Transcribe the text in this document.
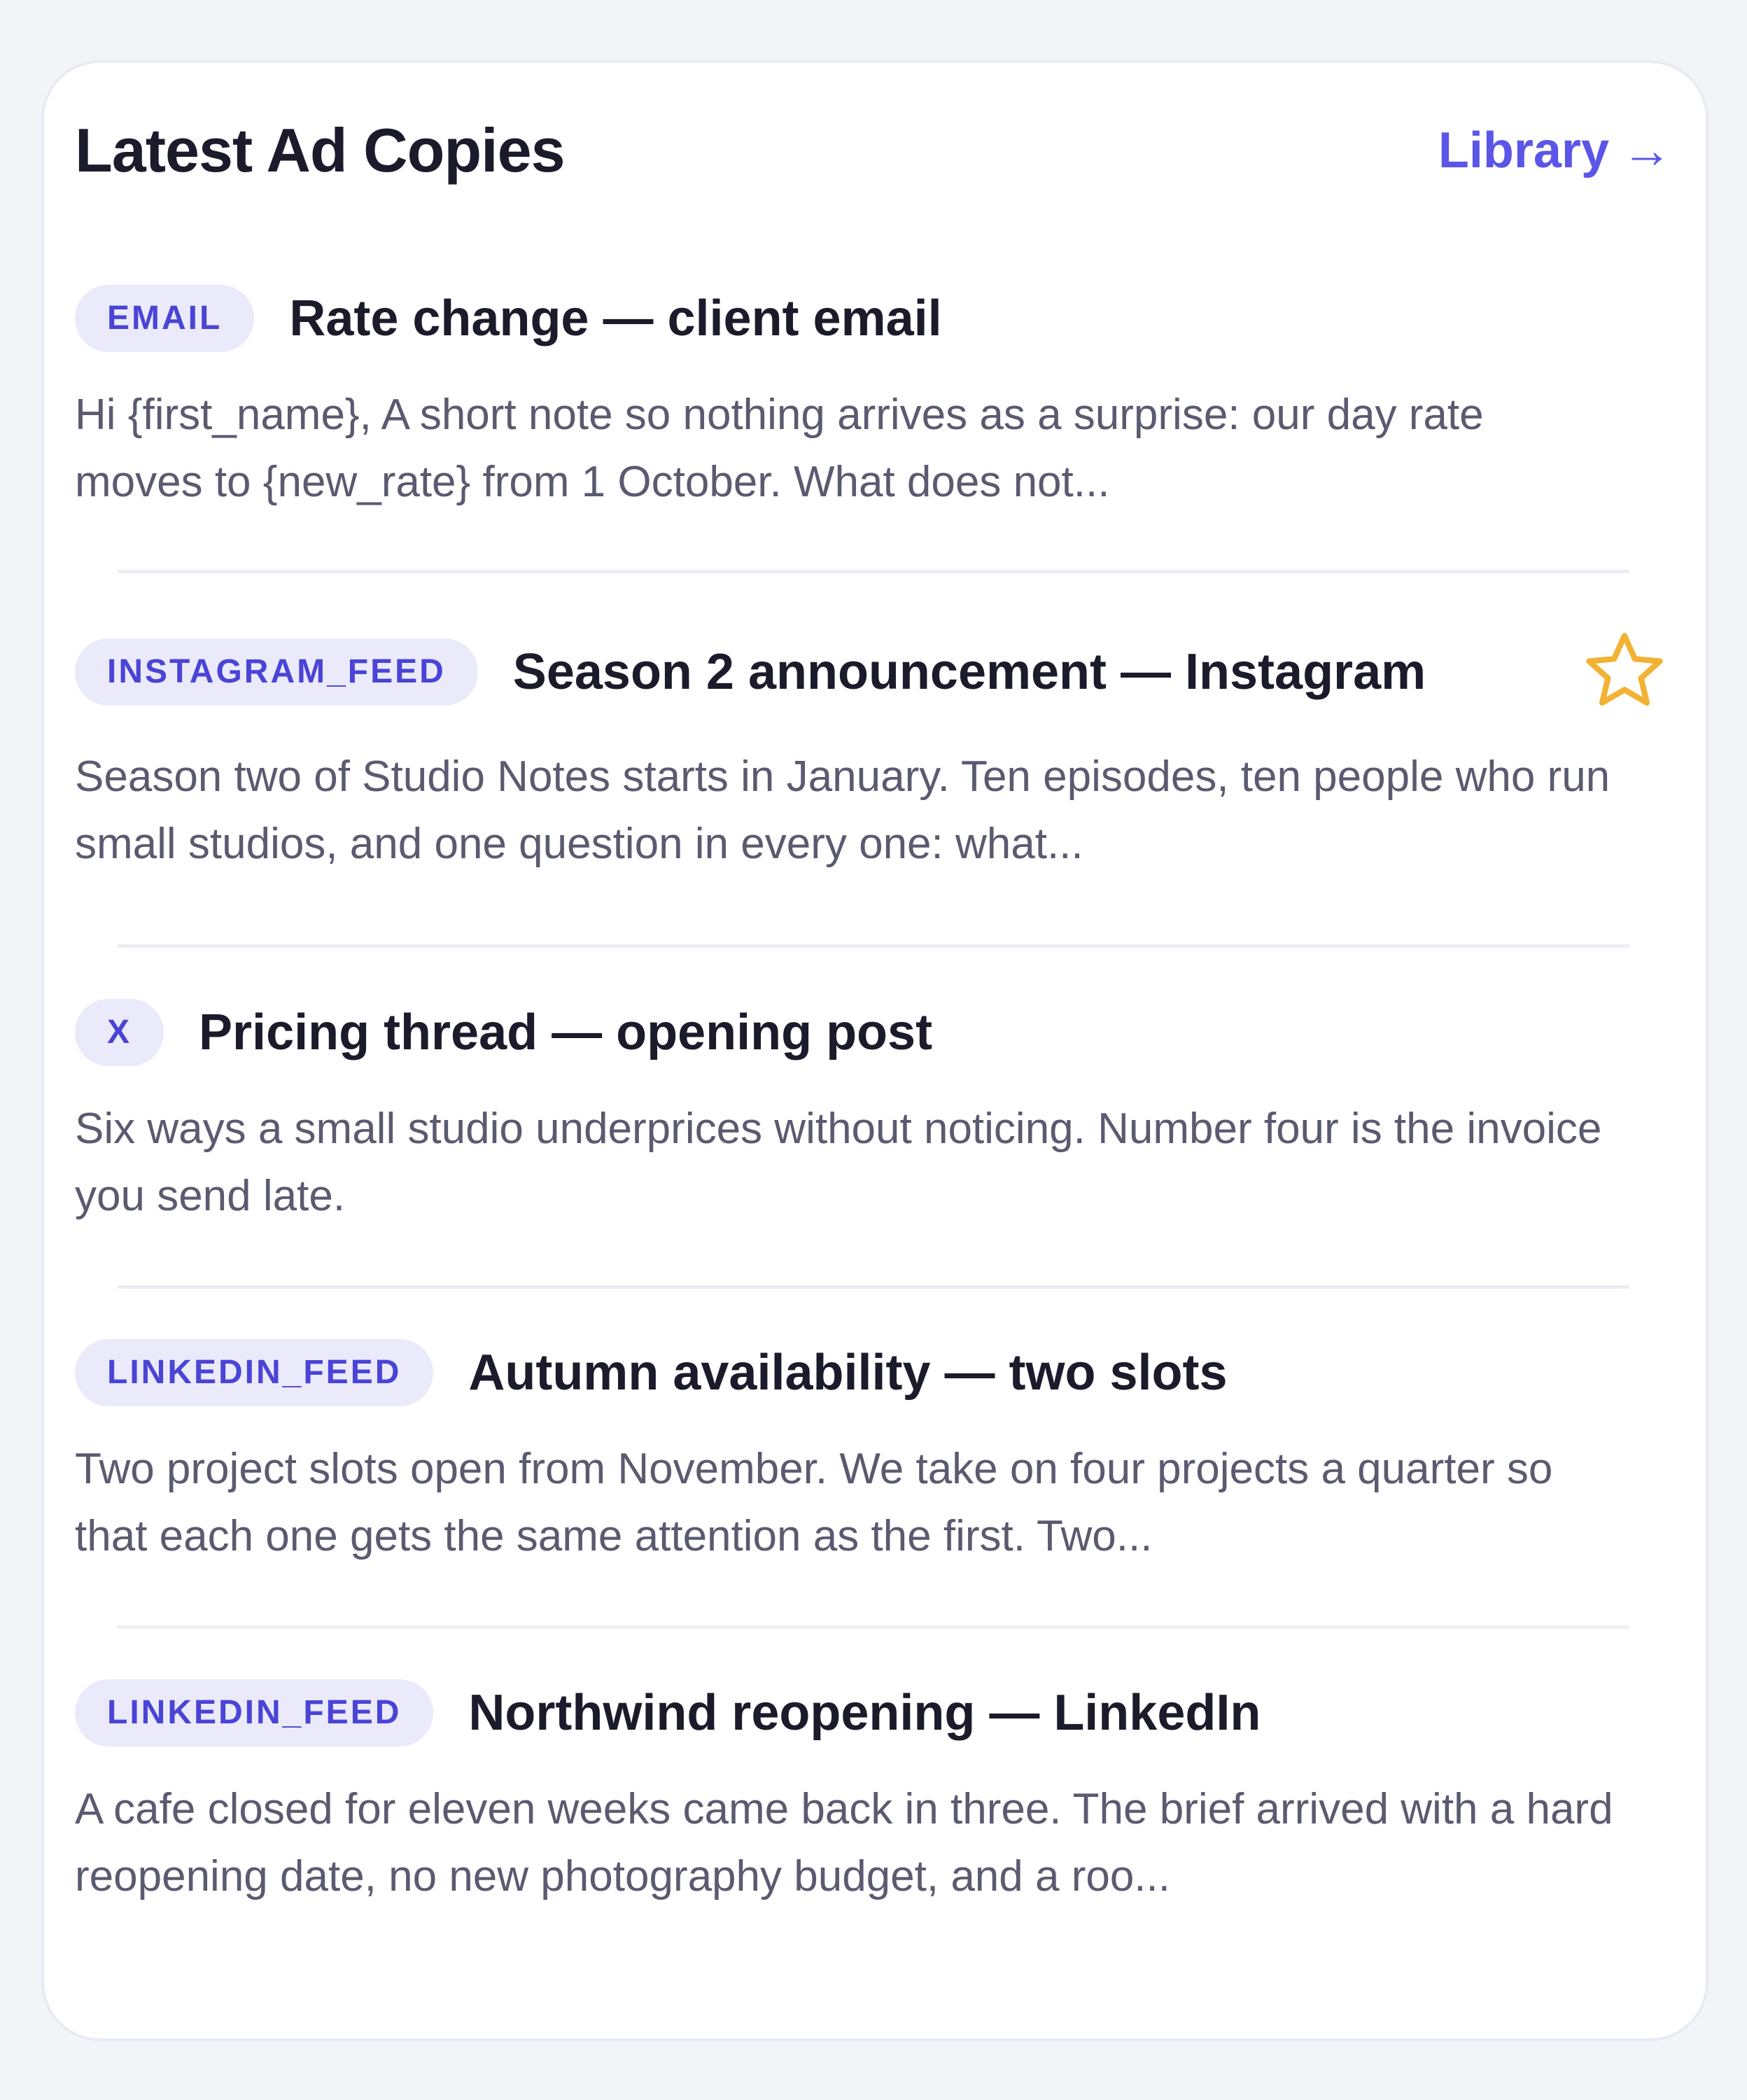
Latest Ad Copies	Library →
EMAIL	Rate change — client email
Hi {first_name}, A short note so nothing arrives as a surprise: our day rate moves to {new_rate} from 1 October. What does not...
INSTAGRAM_FEED	Season 2 announcement — Instagram
Season two of Studio Notes starts in January. Ten episodes, ten people who run small studios, and one question in every one: what...
X	Pricing thread — opening post
Six ways a small studio underprices without noticing. Number four is the invoice you send late.
LINKEDIN_FEED	Autumn availability — two slots
Two project slots open from November. We take on four projects a quarter so that each one gets the same attention as the first. Two...
LINKEDIN_FEED	Northwind reopening — LinkedIn
A cafe closed for eleven weeks came back in three. The brief arrived with a hard reopening date, no new photography budget, and a roo...
